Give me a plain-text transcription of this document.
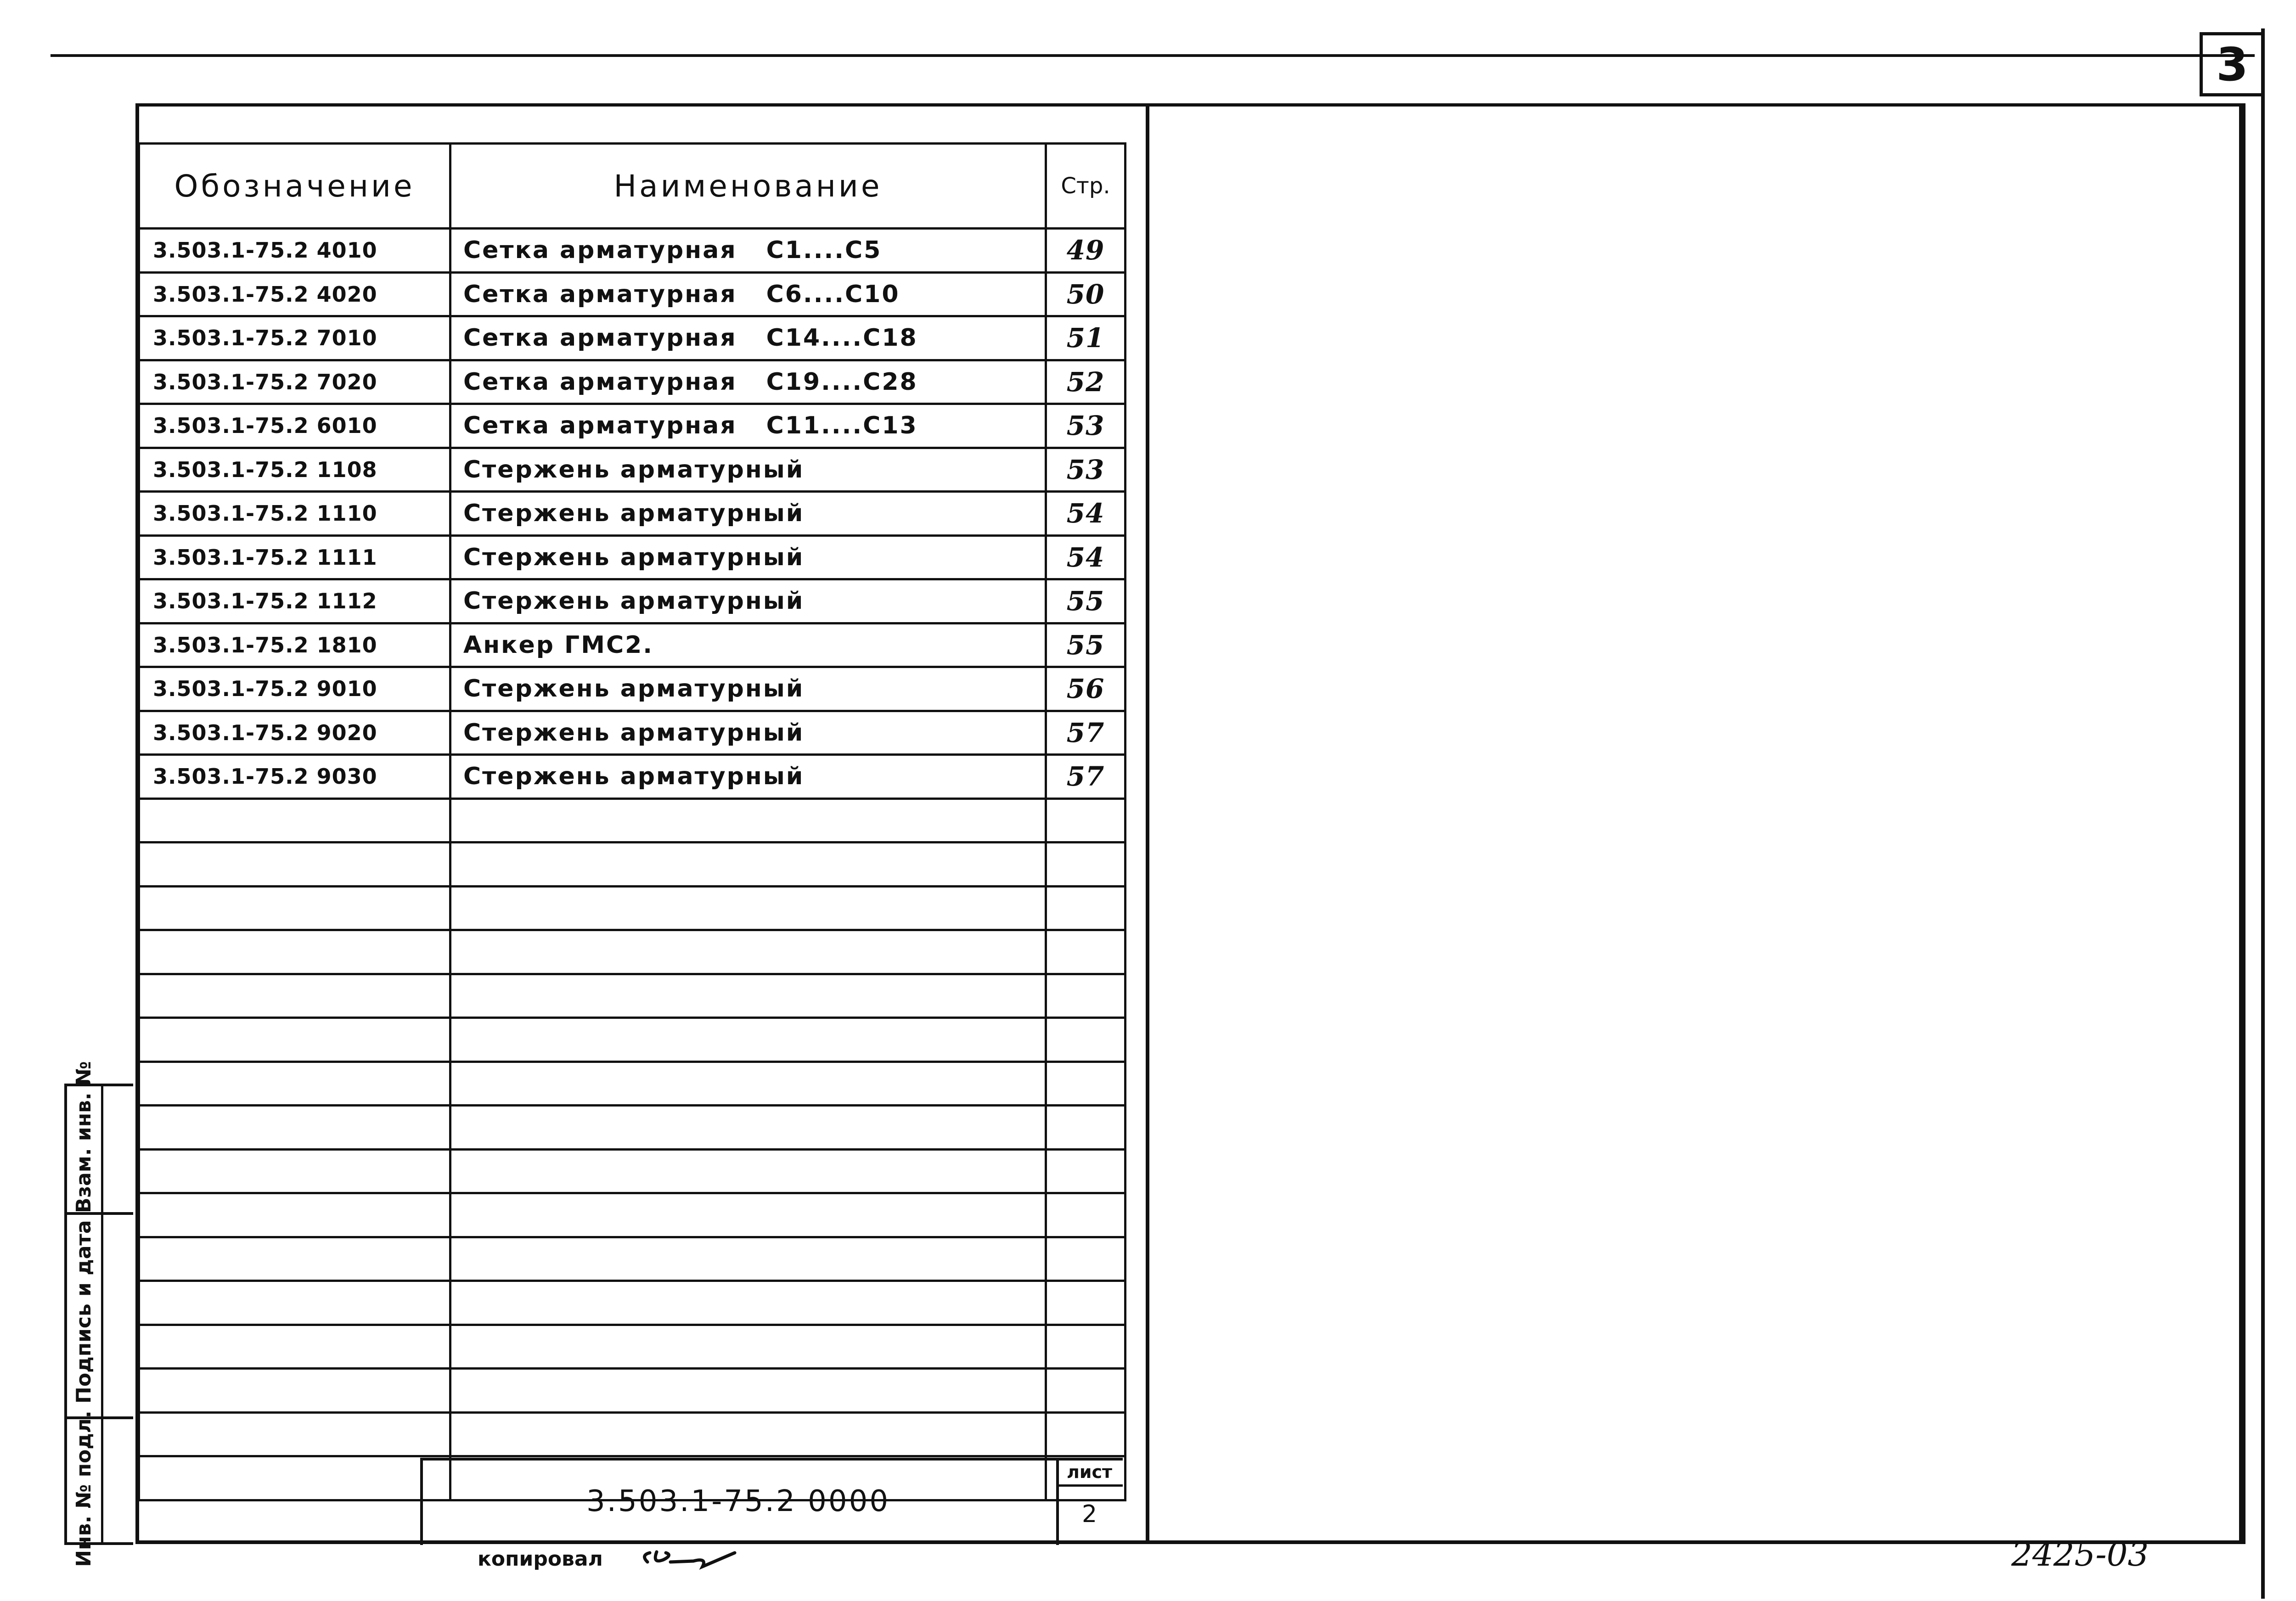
3
Обозначение	Наименование	Стр.
3.503.1-75.2 4010	Сетка арматурная С1....С5	49
3.503.1-75.2 4020	Сетка арматурная С6....С10	50
3.503.1-75.2 7010	Сетка арматурная С14....С18	51
3.503.1-75.2 7020	Сетка арматурная С19....С28	52
3.503.1-75.2 6010	Сетка арматурная С11....С13	53
3.503.1-75.2 1108	Стержень арматурный	53
3.503.1-75.2 1110	Стержень арматурный	54
3.503.1-75.2 1111	Стержень арматурный	54
3.503.1-75.2 1112	Стержень арматурный	55
3.503.1-75.2 1810	Анкер ГМС2.	55
3.503.1-75.2 9010	Стержень арматурный	56
3.503.1-75.2 9020	Стержень арматурный	57
3.503.1-75.2 9030	Стержень арматурный	57

3.503.1-75.2 0000
лист
2
Инв. № подл. Подпись и дата Взам. инв. №	копировал	2425-03
